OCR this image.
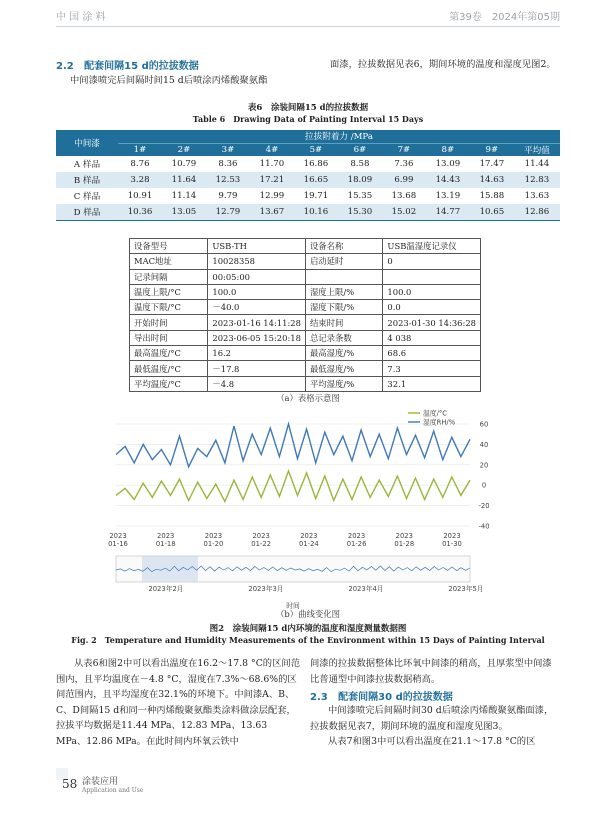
中 国 涂 料	第39卷　2024年第05期
2.2 配套间隔15 d的拉拔数据
中间漆喷完后间隔时间15 d后喷涂丙烯酸聚氨酯
面漆，拉拔数据见表6，期间环境的温度和湿度见图2。
表6　涂装间隔15 d的拉拔数据
Table 6　Drawing Data of Painting Interval 15 Days
中间漆	拉拔附着力 /MPa									
	1#	2#	3#	4#	5#	6#	7#	8#	9#	平均值
A 样品	8.76	10.79	8.36	11.70	16.86	8.58	7.36	13.09	17.47	11.44
B 样品	3.28	11.64	12.53	17.21	16.65	18.09	6.99	14.43	14.63	12.83
C 样品	10.91	11.14	9.79	12.99	19.71	15.35	13.68	13.19	15.88	13.63
D 样品	10.36	13.05	12.79	13.67	10.16	15.30	15.02	14.77	10.65	12.86
设备型号	USB-TH	设备名称	USB温湿度记录仪
MAC地址	10028358	启动延时	0
记录间隔	00:05:00		
温度上限/°C	100.0	湿度上限/%	100.0
温度下限/°C	－40.0	湿度下限/%	0.0
开始时间	2023-01-16 14:11:28	结束时间	2023-01-30 14:36:28
导出时间	2023-06-05 15:20:18	总记录条数	4 038
最高温度/°C	16.2	最高湿度/%	68.6
最低温度/°C	－17.8	最低湿度/%	7.3
平均温度/°C	－4.8	平均湿度/%	32.1
（a）表格示意图
60
40
20
0
-20
-40
温度/°C
湿度RH/%
2023
01-16
2023
01-18
2023
01-20
2023
01-22
2023
01-24
2023
01-26
2023
01-28
2023
01-30
2023年2月	2023年3月	2023年4月	2023年5月
时间
（b）曲线变化图
图2　涂装间隔15 d内环境的温度和湿度测量数据图
Fig. 2　Temperature and Humidity Measurements of the Environment within 15 Days of Painting Interval
从表6和图2中可以看出温度在16.2～17.8 °C的区间范围内，且平均温度在－4.8 °C，湿度在7.3%～68.6%的区间范围内，且平均湿度在32.1%的环境下。中间漆A、B、C、D间隔15 d和同一种丙烯酸聚氨酯类涂料做涂层配套，拉拔平均数据是11.44 MPa、12.83 MPa、13.63 MPa、12.86 MPa。在此时间内环氧云铁中
间漆的拉拔数据整体比环氧中间漆的稍高，且厚浆型中间漆比普通型中间漆拉拔数据稍高。
2.3 配套间隔30 d的拉拔数据
中间漆喷完后间隔时间30 d后喷涂丙烯酸聚氨酯面漆，拉拔数据见表7，期间环境的温度和湿度见图3。
从表7和图3中可以看出温度在21.1～17.8 °C的区
58 涂装应用
Application and Use
